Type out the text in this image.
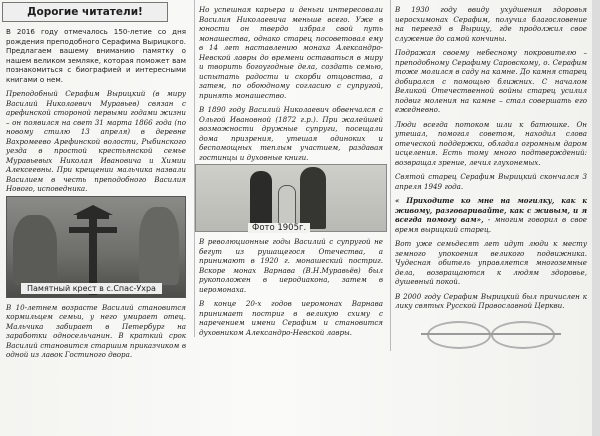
Дорогие читатели!

В 2016 году отмечалось 150-летие со дня рождения преподобного Серафима Вырицкого. Предлагаем вашему вниманию памятку о нашем великом земляке, которая поможет вам познакомиться с биографией и интересными книгами о нем.

Преподобный Серафим Вырицкий (в миру Василий Николаевич Муравьев) связан с арефинской стороной первыми годами жизни – он появился на свет 31 марта 1866 года (по новому стилю 13 апреля) в деревне Вахромеево Арефинской волости, Рыбинского уезда в простой крестьянской семье Муравьевых Николая Ивановича и Химии Алексеевны. При крещении мальчика назвали Василием в честь преподобного Василия Нового, исповедника.

Памятный крест в с.Спас-Ухра

В 10-летнем возрасте Василий становится кормильцем семьи, у него умирает отец. Мальчика забирает в Петербург на заработки односельчанин. В краткий срок Василий становится старшим приказчиком в одной из лавок Гостиного двора.

Но успешная карьера и деньги интересовали Василия Николаевича меньше всего. Уже в юности он твердо избрал свой путь монашества, однако старец посоветовал ему в 14 лет наставлению монаха Александро-Невской лавры до времени оставаться в миру и творить богоугодные дела, создать семью, испытать радости и скорби отцовства, а затем, по обоюдному согласию с супругой, принять монашество.

В 1890 году Василий Николаевич обвенчался с Ольгой Ивановной (1872 г.р.). При жалейшей возможности дружные супруги, посещали дома призрения, утешая одиноких и беспомощных теплым участием, раздавая гостинцы и духовные книги.

Фото 1905г.

В революционные годы Василий с супругой не бегут из рушащегося Отечества, а принимают в 1920 г. монашеский постриг. Вскоре монах Варнава (В.Н.Муравьёв) был рукоположен в иеродиакона, затем в иеромонаха.

В конце 20-х годов иеромонах Варнава принимает постриг в великую схиму с наречением имени Серафим и становится духовником Александро-Невской лавры.

В 1930 году ввиду ухудшения здоровья иеросхимонах Серафим, получил благословение на переезд в Вырицу, где продолжил свое служение до самой кончины.

Подражая своему небесному покровителю – преподобному Серафиму Саровскому, о. Серафим тоже молился в саду на камне. До камня старец добирался с помощью ближних. С началом Великой Отечественной войны старец усилил подвиг моления на камне – стал совершать его ежедневно.

Люди всегда потоком шли к батюшке. Он утешал, помогал советом, находил слова отеческой поддержки, обладал огромным даром исцеления. Есть тому много подтверждений: возвращал зрение, лечил глухонемых.

Святой старец Серафим Вырицкий скончался 3 апреля 1949 года.

« Приходите ко мне на могилку, как к живому, разговаривайте, как с живым, и я всегда помогу вам», - многим говорил в свое время вырицкий старец.

Вот уже семьдесят лет идут люди к месту земного упокоения великого подвижника. Чудесная обитель управляется многоземные дела, возвращаются к людям здоровье, душевный покой.

В 2000 году Серафим Вырицкий был причислен к лику святых Русской Православной Церкви.
